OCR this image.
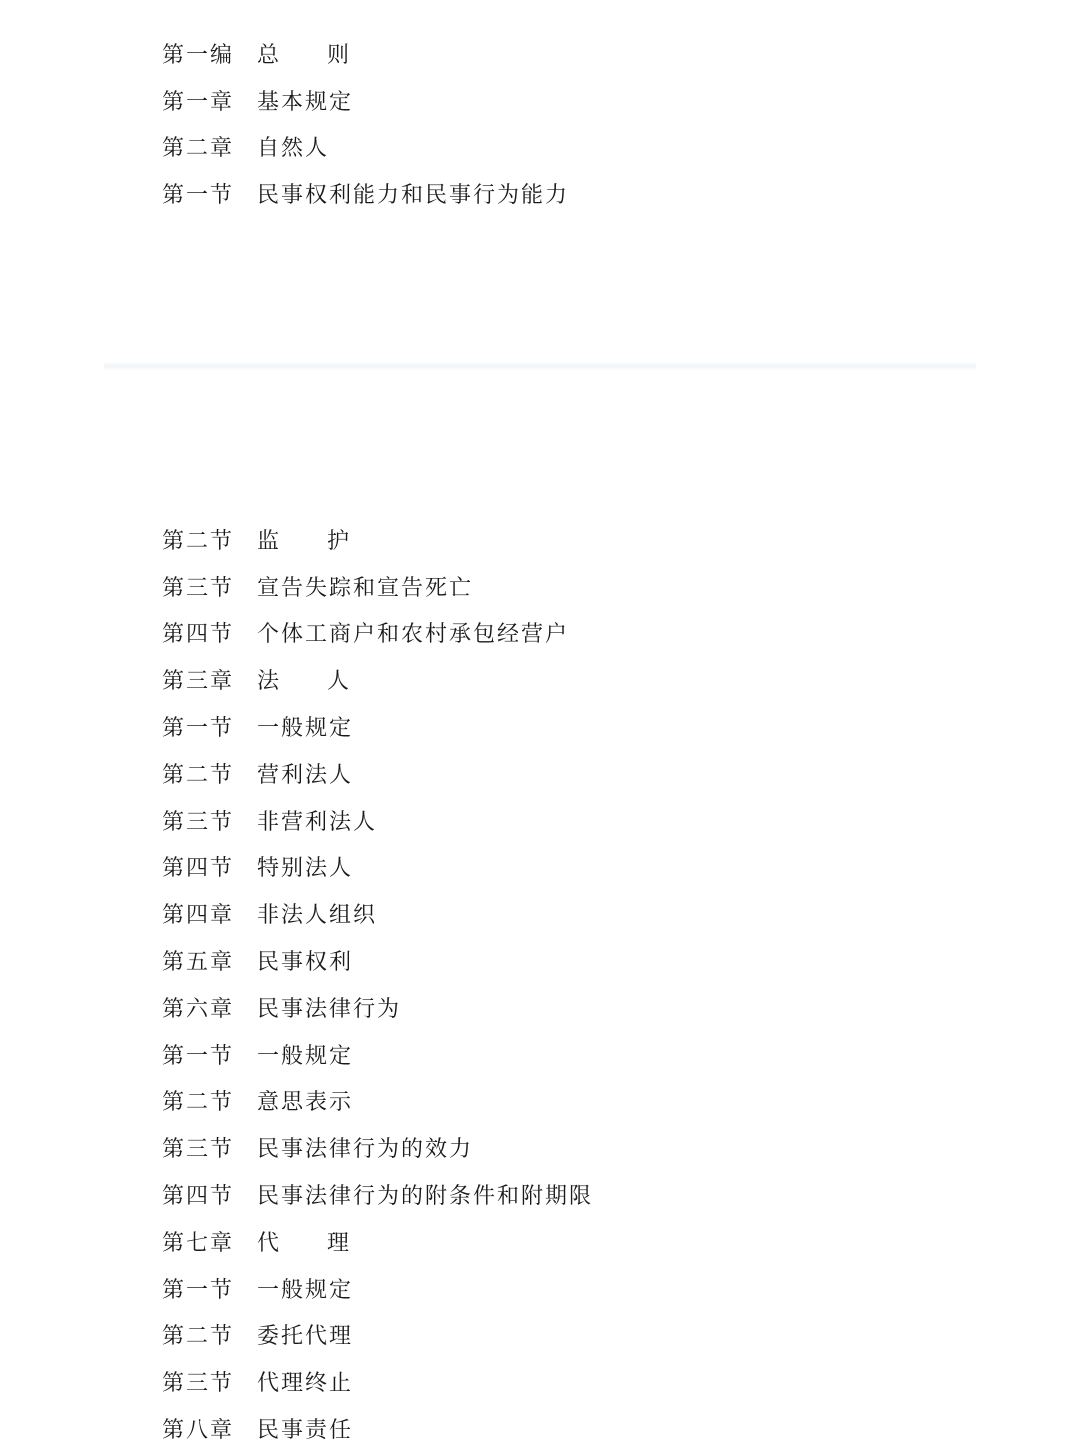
第一编	总则
第一章	基本规定
第二章	自然人
第一节	民事权利能力和民事行为能力
第二节	监护
第三节	宣告失踪和宣告死亡
第四节	个体工商户和农村承包经营户
第三章	法人
第一节	一般规定
第二节	营利法人
第三节	非营利法人
第四节	特别法人
第四章	非法人组织
第五章	民事权利
第六章	民事法律行为
第一节	一般规定
第二节	意思表示
第三节	民事法律行为的效力
第四节	民事法律行为的附条件和附期限
第七章	代理
第一节	一般规定
第二节	委托代理
第三节	代理终止
第八章	民事责任
